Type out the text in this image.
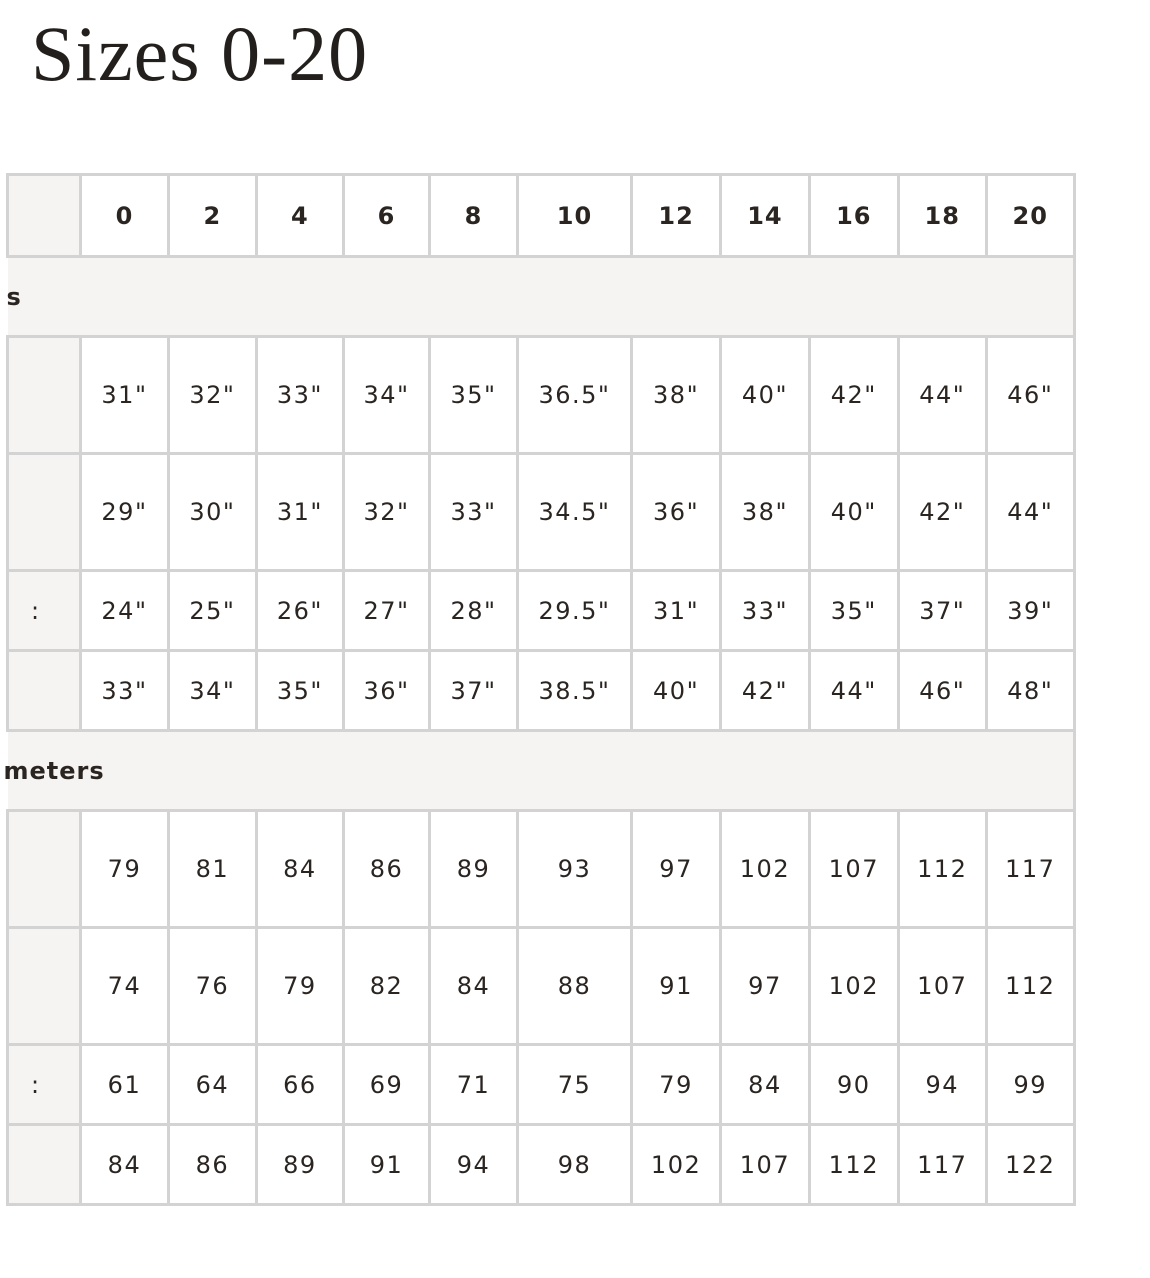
Sizes 0-20
	0	2	4	6	8	10	12	14	16	18	20
s											
	31"	32"	33"	34"	35"	36.5"	38"	40"	42"	44"	46"
	29"	30"	31"	32"	33"	34.5"	36"	38"	40"	42"	44"
:	24"	25"	26"	27"	28"	29.5"	31"	33"	35"	37"	39"
	33"	34"	35"	36"	37"	38.5"	40"	42"	44"	46"	48"
meters											
	79	81	84	86	89	93	97	102	107	112	117
	74	76	79	82	84	88	91	97	102	107	112
:	61	64	66	69	71	75	79	84	90	94	99
	84	86	89	91	94	98	102	107	112	117	122
